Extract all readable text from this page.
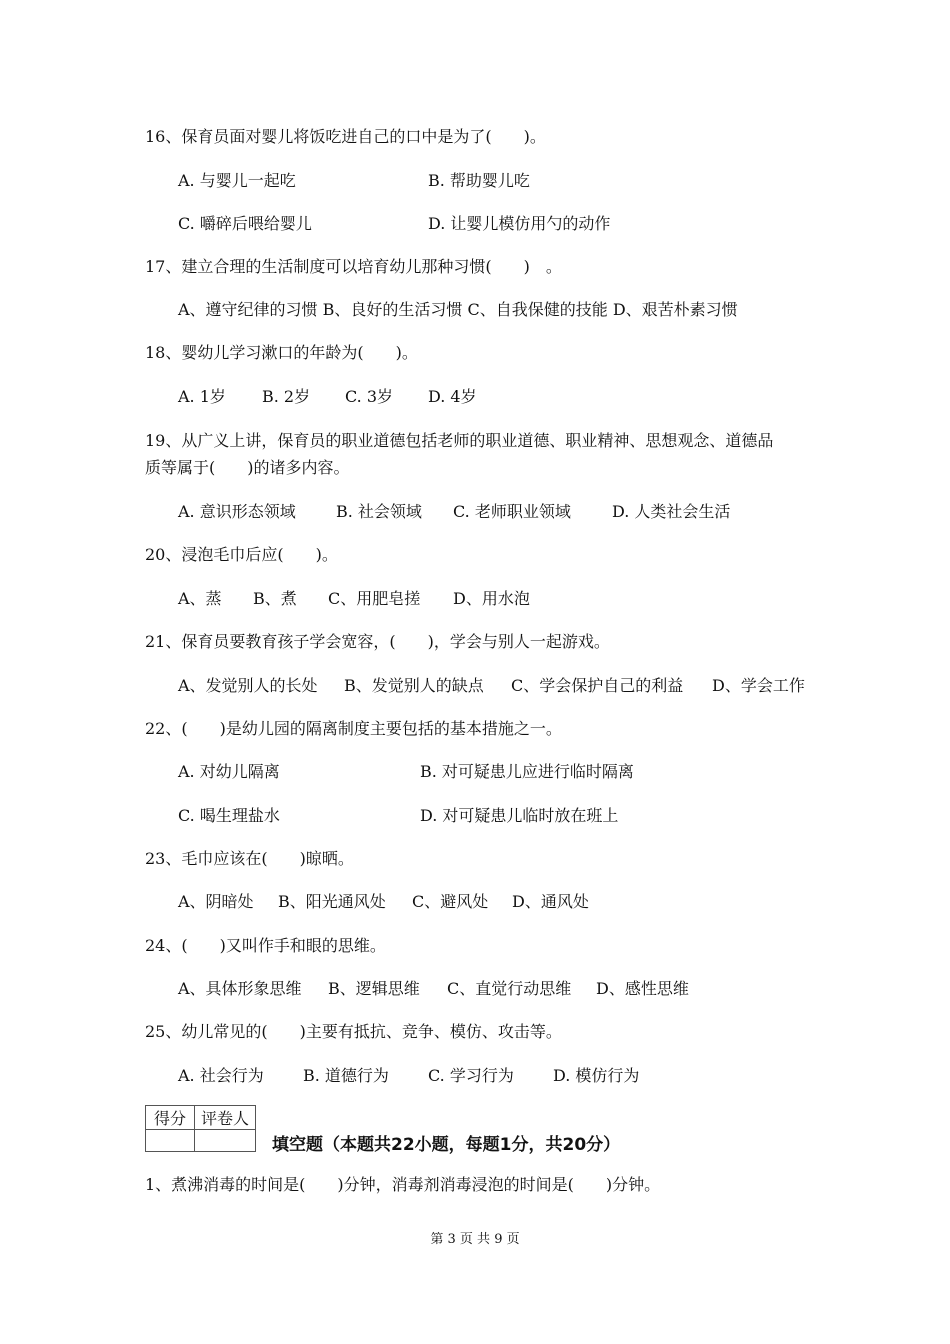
16、保育员面对婴儿将饭吃进自己的口中是为了(　　)。
A. 与婴儿一起吃	B. 帮助婴儿吃
C. 嚼碎后喂给婴儿	D. 让婴儿模仿用勺的动作
17、建立合理的生活制度可以培育幼儿那种习惯(　　)　。
A、遵守纪律的习惯 B、良好的生活习惯 C、自我保健的技能 D、艰苦朴素习惯
18、婴幼儿学习漱口的年龄为(　　)。
A. 1岁 B. 2岁 C. 3岁 D. 4岁
19、从广义上讲，保育员的职业道德包括老师的职业道德、职业精神、思想观念、道德品
质等属于(　　)的诸多内容。
A. 意识形态领域	B. 社会领域 C. 老师职业领域	D. 人类社会生活
20、浸泡毛巾后应(　　)。
A、蒸 B、煮 C、用肥皂搓 D、用水泡
21、保育员要教育孩子学会宽容，(　　)，学会与别人一起游戏。
A、发觉别人的长处 B、发觉别人的缺点 C、学会保护自己的利益 D、学会工作
22、(　　)是幼儿园的隔离制度主要包括的基本措施之一。
A. 对幼儿隔离	B. 对可疑患儿应进行临时隔离
C. 喝生理盐水	D. 对可疑患儿临时放在班上
23、毛巾应该在(　　)晾晒。
A、阴暗处 B、阳光通风处 C、避风处 D、通风处
24、(　　)又叫作手和眼的思维。
A、具体形象思维 B、逻辑思维 C、直觉行动思维 D、感性思维
25、幼儿常见的(　　)主要有抵抗、竞争、模仿、攻击等。
A. 社会行为 B. 道德行为 C. 学习行为 D. 模仿行为
得分	评卷人

填空题（本题共22小题，每题1分，共20分）
1、煮沸消毒的时间是(　　)分钟，消毒剂消毒浸泡的时间是(　　)分钟。
第 3 页 共 9 页
